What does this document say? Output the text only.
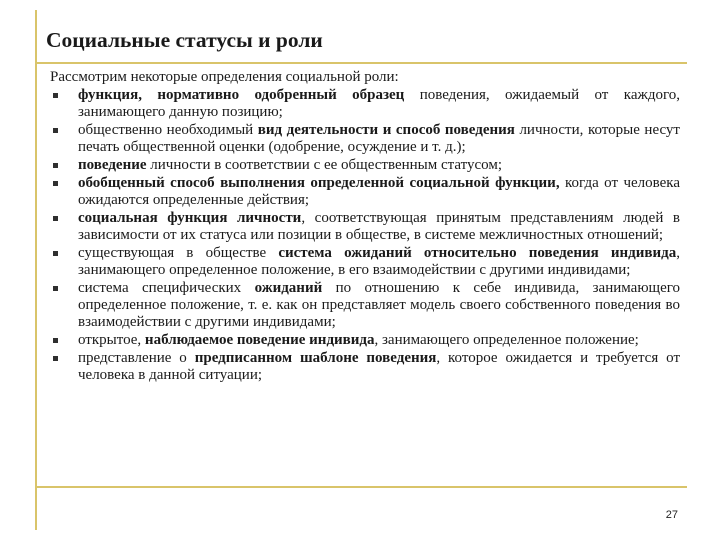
Социальные статусы и роли

Рассмотрим некоторые определения социальной роли:

функция, нормативно одобренный образец поведения, ожидаемый от каждого, занимающего данную позицию;
общественно необходимый вид деятельности и способ поведения личности, которые несут печать общественной оценки (одобрение, осуждение и т. д.);
поведение личности в соответствии с ее общественным статусом;
обобщенный способ выполнения определенной социальной функции, когда от человека ожидаются определенные действия;
социальная функция личности, соответствующая принятым представлениям людей в зависимости от их статуса или позиции в обществе, в системе межличностных отношений;
существующая в обществе система ожиданий относительно поведения индивида, занимающего определенное положение, в его взаимодействии с другими индивидами;
система специфических ожиданий по отношению к себе индивида, занимающего определенное положение, т. е. как он представляет модель своего собственного поведения во взаимодействии с другими индивидами;
открытое, наблюдаемое поведение индивида, занимающего определенное положение;
представление о предписанном шаблоне поведения, которое ожидается и требуется от человека в данной ситуации;
27
